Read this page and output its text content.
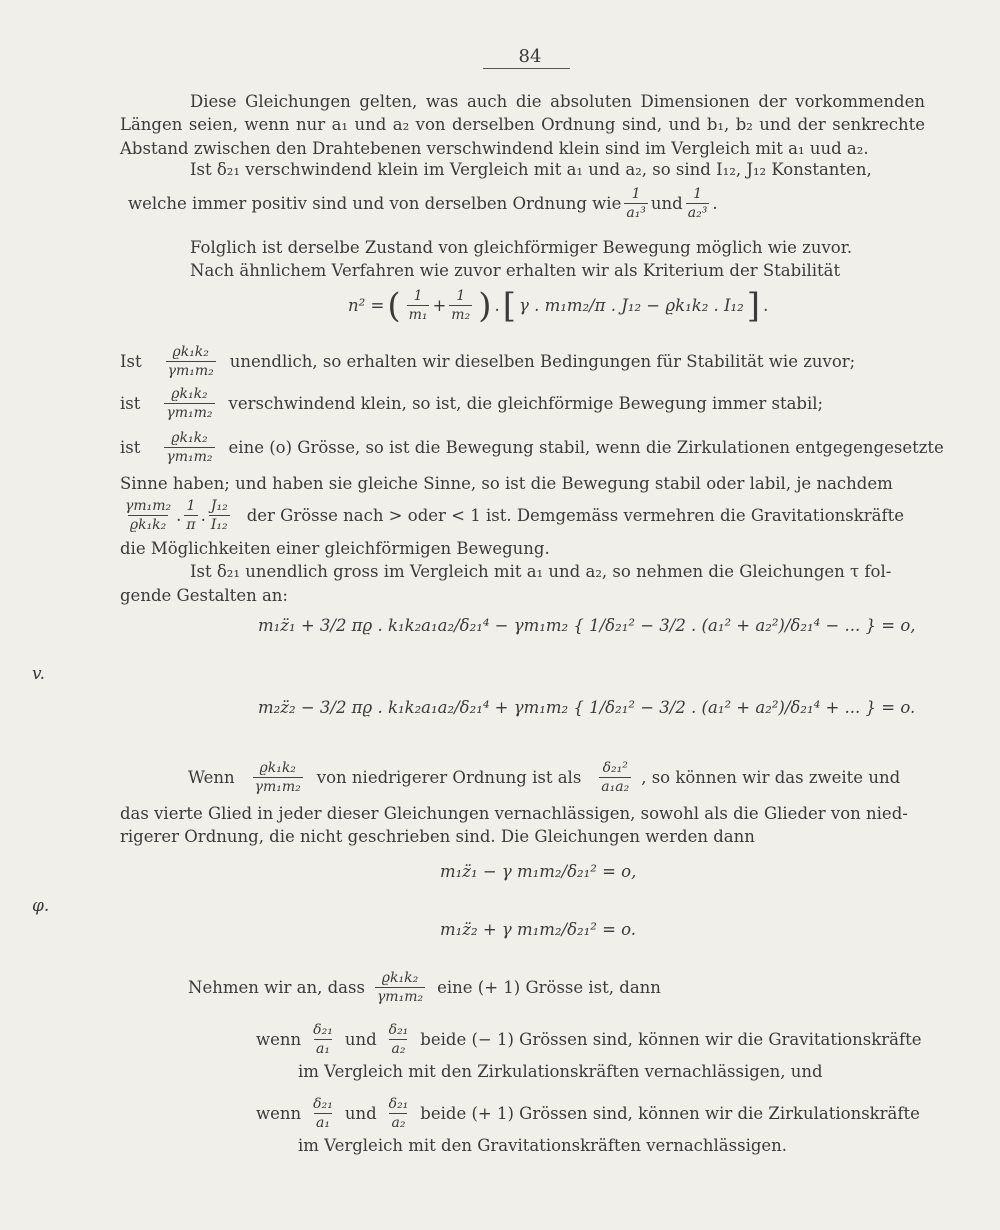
84

Diese Gleichungen gelten, was auch die absoluten Dimensionen der vorkommenden Längen seien, wenn nur a₁ und a₂ von derselben Ordnung sind, und b₁, b₂ und der senkrechte Abstand zwischen den Drahtebenen verschwindend klein sind im Vergleich mit a₁ uud a₂.

Ist δ₂₁ verschwindend klein im Vergleich mit a₁ und a₂, so sind I₁₂, J₁₂ Konstanten,

welche immer positiv sind und von derselben Ordnung wie $\frac{1}{\text{a₁³}}$ und $\frac{1}{\text{a₂³}}$ .

Folglich ist derselbe Zustand von gleichförmiger Bewegung möglich wie zuvor.

Nach ähnlichem Verfahren wie zuvor erhalten wir als Kriterium der Stabilität

n² = ( $\frac{1}{\text{m₁}} + \frac{1}{\text{m₂}}$ ) . [ γ . m₁m₂/π . J₁₂ − ϱk₁k₂ . I₁₂ ] .
Ist $\frac{\text{ϱk₁k₂}}{\text{γm₁m₂}}$ unendlich, so erhalten wir dieselben Bedingungen für Stabilität wie zuvor;
ist $\frac{\text{ϱk₁k₂}}{\text{γm₁m₂}}$ verschwindend klein, so ist, die gleichförmige Bewegung immer stabil;
ist $\frac{\text{ϱk₁k₂}}{\text{γm₁m₂}}$ eine (o) Grösse, so ist die Bewegung stabil, wenn die Zirkulationen entgegengesetzte

Sinne haben; und haben sie gleiche Sinne, so ist die Bewegung stabil oder labil, je nachdem

$\frac{\text{γm₁m₂}}{\text{ϱk₁k₂}}$ . $\frac{1}{\pi}$ . $\frac{\text{J₁₂}}{\text{I₁₂}}$ der Grösse nach > oder < 1 ist. Demgemäss vermehren die Gravitationskräfte

die Möglichkeiten einer gleichförmigen Bewegung.

Ist δ₂₁ unendlich gross im Vergleich mit a₁ und a₂, so nehmen die Gleichungen τ fol-

gende Gestalten an:

v.
m₁z̈₁ + 3/2 πϱ . k₁k₂a₁a₂/δ₂₁⁴ − γm₁m₂ { 1/δ₂₁² − 3/2 . (a₁² + a₂²)/δ₂₁⁴ − ... } = o,
m₂z̈₂ − 3/2 πϱ . k₁k₂a₁a₂/δ₂₁⁴ + γm₁m₂ { 1/δ₂₁² − 3/2 . (a₁² + a₂²)/δ₂₁⁴ + ... } = o.
Wenn $\frac{\text{ϱk₁k₂}}{\text{γm₁m₂}}$ von niedrigerer Ordnung ist als $\frac{\text{δ₂₁²}}{\text{a₁a₂}}$ , so können wir das zweite und

das vierte Glied in jeder dieser Gleichungen vernachlässigen, sowohl als die Glieder von nied-

rigerer Ordnung, die nicht geschrieben sind. Die Gleichungen werden dann

φ.
m₁z̈₁ − γ m₁m₂/δ₂₁² = o,
m₁z̈₂ + γ m₁m₂/δ₂₁² = o.
Nehmen wir an, dass $\frac{\text{ϱk₁k₂}}{\text{γm₁m₂}}$ eine (+ 1) Grösse ist, dann
wenn $\frac{\text{δ₂₁}}{\text{a₁}}$ und $\frac{\text{δ₂₁}}{\text{a₂}}$ beide (− 1) Grössen sind, können wir die Gravitationskräfte
im Vergleich mit den Zirkulationskräften vernachlässigen, und
wenn $\frac{\text{δ₂₁}}{\text{a₁}}$ und $\frac{\text{δ₂₁}}{\text{a₂}}$ beide (+ 1) Grössen sind, können wir die Zirkulationskräfte
im Vergleich mit den Gravitationskräften vernachlässigen.
